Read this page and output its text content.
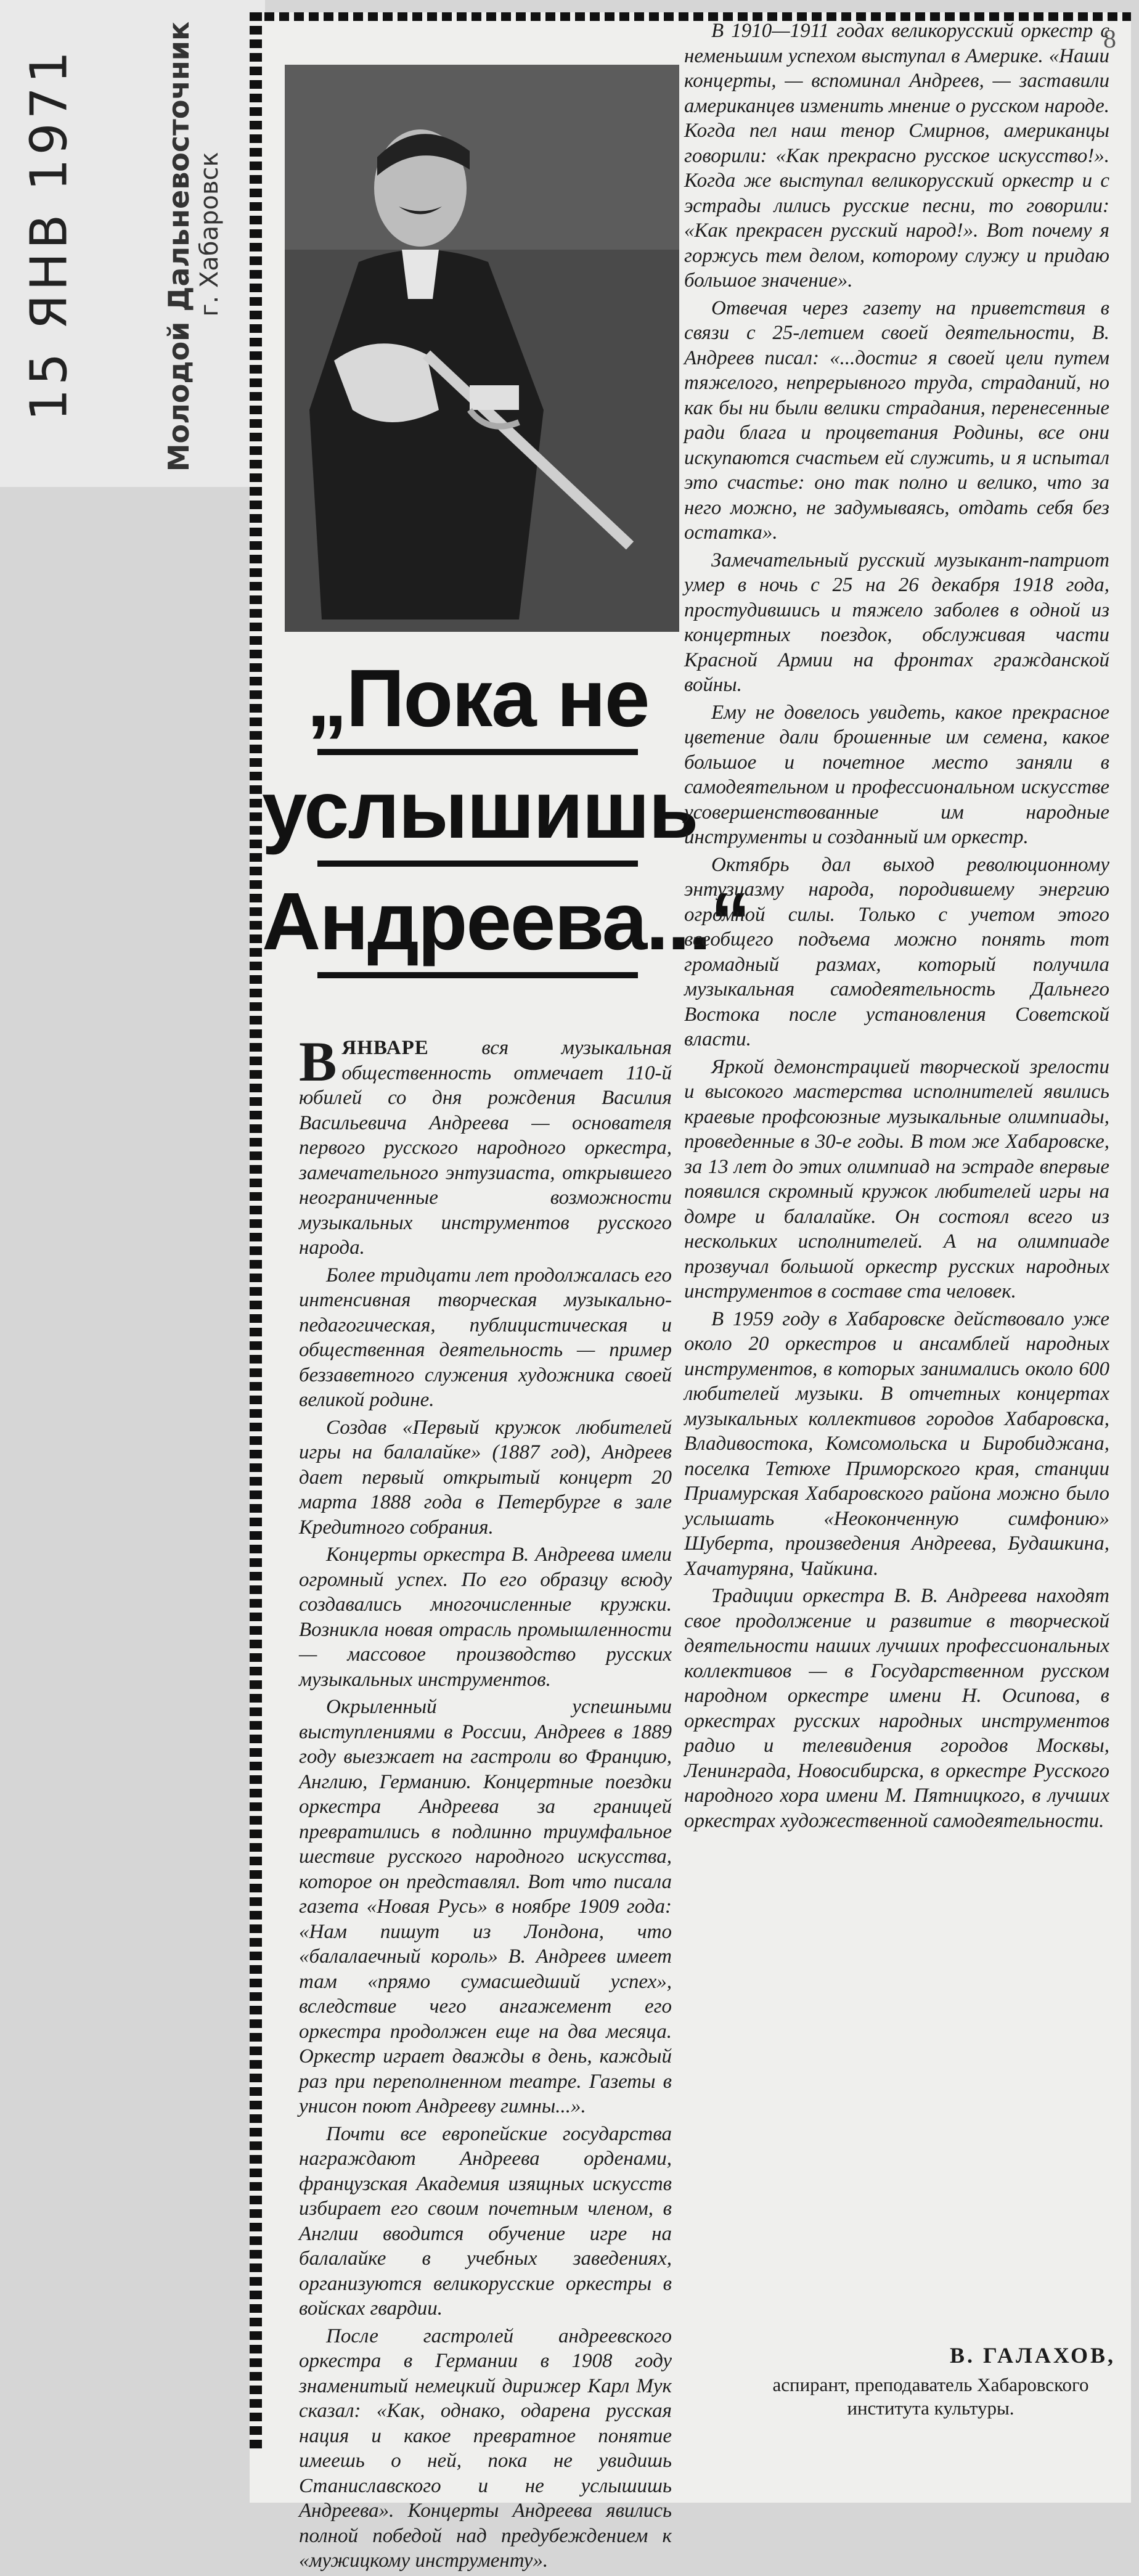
15 ЯНВ 1971	Молодой Дальневосточник г. Хабаровск
8
„Пока не
услышишь
Андреева...“

ВЯНВАРЕ вся музыкальная общественность отмечает 110-й юбилей со дня рождения Василия Васильевича Андреева — основателя первого русского народного оркестра, замечательного энтузиаста, открывшего неограниченные возможности музыкальных инструментов русского народа.

Более тридцати лет продолжалась его интенсивная творческая музыкально-педагогическая, публицистическая и общественная деятельность — пример беззаветного служения художника своей великой родине.

Создав «Первый кружок любителей игры на балалайке» (1887 год), Андреев дает первый открытый концерт 20 марта 1888 года в Петербурге в зале Кредитного собрания.

Концерты оркестра В. Андреева имели огромный успех. По его образцу всюду создавались многочисленные кружки. Возникла новая отрасль промышленности — массовое производство русских музыкальных инструментов.

Окрыленный успешными выступлениями в России, Андреев в 1889 году выезжает на гастроли во Францию, Англию, Германию. Концертные поездки оркестра Андреева за границей превратились в подлинно триумфальное шествие русского народного искусства, которое он представлял. Вот что писала газета «Новая Русь» в ноябре 1909 года: «Нам пишут из Лондона, что «балалаечный король» В. Андреев имеет там «прямо сумасшедший успех», вследствие чего ангажемент его оркестра продолжен еще на два месяца. Оркестр играет дважды в день, каждый раз при переполненном театре. Газеты в унисон поют Андрееву гимны...».

Почти все европейские государства награждают Андреева орденами, французская Академия изящных искусств избирает его своим почетным членом, в Англии вводится обучение игре на балалайке в учебных заведениях, организуются великорусские оркестры в войсках гвардии.

После гастролей андреевского оркестра в Германии в 1908 году знаменитый немецкий дирижер Карл Мук сказал: «Как, однако, одарена русская нация и какое превратное понятие имеешь о ней, пока не увидишь Станиславского и не услышишь Андреева». Концерты Андреева явились полной победой над предубеждением к «мужицкому инструменту».

В 1910—1911 годах великорусский оркестр с неменьшим успехом выступал в Америке. «Наши концерты, — вспоминал Андреев, — заставили американцев изменить мнение о русском народе. Когда пел наш тенор Смирнов, американцы говорили: «Как прекрасно русское искусство!». Когда же выступал великорусский оркестр и с эстрады лились русские песни, то говорили: «Как прекрасен русский народ!». Вот почему я горжусь тем делом, которому служу и придаю большое значение».

Отвечая через газету на приветствия в связи с 25-летием своей деятельности, В. Андреев писал: «...достиг я своей цели путем тяжелого, непрерывного труда, страданий, но как бы ни были велики страдания, перенесенные ради блага и процветания Родины, все они искупаются счастьем ей служить, и я испытал это счастье: оно так полно и велико, что за него можно, не задумываясь, отдать себя без остатка».

Замечательный русский музыкант-патриот умер в ночь с 25 на 26 декабря 1918 года, простудившись и тяжело заболев в одной из концертных поездок, обслуживая части Красной Армии на фронтах гражданской войны.

Ему не довелось увидеть, какое прекрасное цветение дали брошенные им семена, какое большое и почетное место заняли в самодеятельном и профессиональном искусстве усовершенствованные им народные инструменты и созданный им оркестр.

Октябрь дал выход революционному энтузиазму народа, породившему энергию огромной силы. Только с учетом этого всеобщего подъема можно понять тот громадный размах, который получила музыкальная самодеятельность Дальнего Востока после установления Советской власти.

Яркой демонстрацией творческой зрелости и высокого мастерства исполнителей явились краевые профсоюзные музыкальные олимпиады, проведенные в 30-е годы. В том же Хабаровске, за 13 лет до этих олимпиад на эстраде впервые появился скромный кружок любителей игры на домре и балалайке. Он состоял всего из нескольких исполнителей. А на олимпиаде прозвучал большой оркестр русских народных инструментов в составе ста человек.

В 1959 году в Хабаровске действовало уже около 20 оркестров и ансамблей народных инструментов, в которых занимались около 600 любителей музыки. В отчетных концертах музыкальных коллективов городов Хабаровска, Владивостока, Комсомольска и Биробиджана, поселка Тетюхе Приморского края, станции Приамурская Хабаровского района можно было услышать «Неоконченную симфонию» Шуберта, произведения Андреева, Будашкина, Хачатуряна, Чайкина.

Традиции оркестра В. В. Андреева находят свое продолжение и развитие в творческой деятельности наших лучших профессиональных коллективов — в Государственном русском народном оркестре имени Н. Осипова, в оркестрах русских народных инструментов радио и телевидения городов Москвы, Ленинграда, Новосибирска, в оркестре Русского народного хора имени М. Пятницкого, в лучших оркестрах художественной самодеятельности.

В. ГАЛАХОВ,
аспирант, преподаватель Хабаровского института культуры.
